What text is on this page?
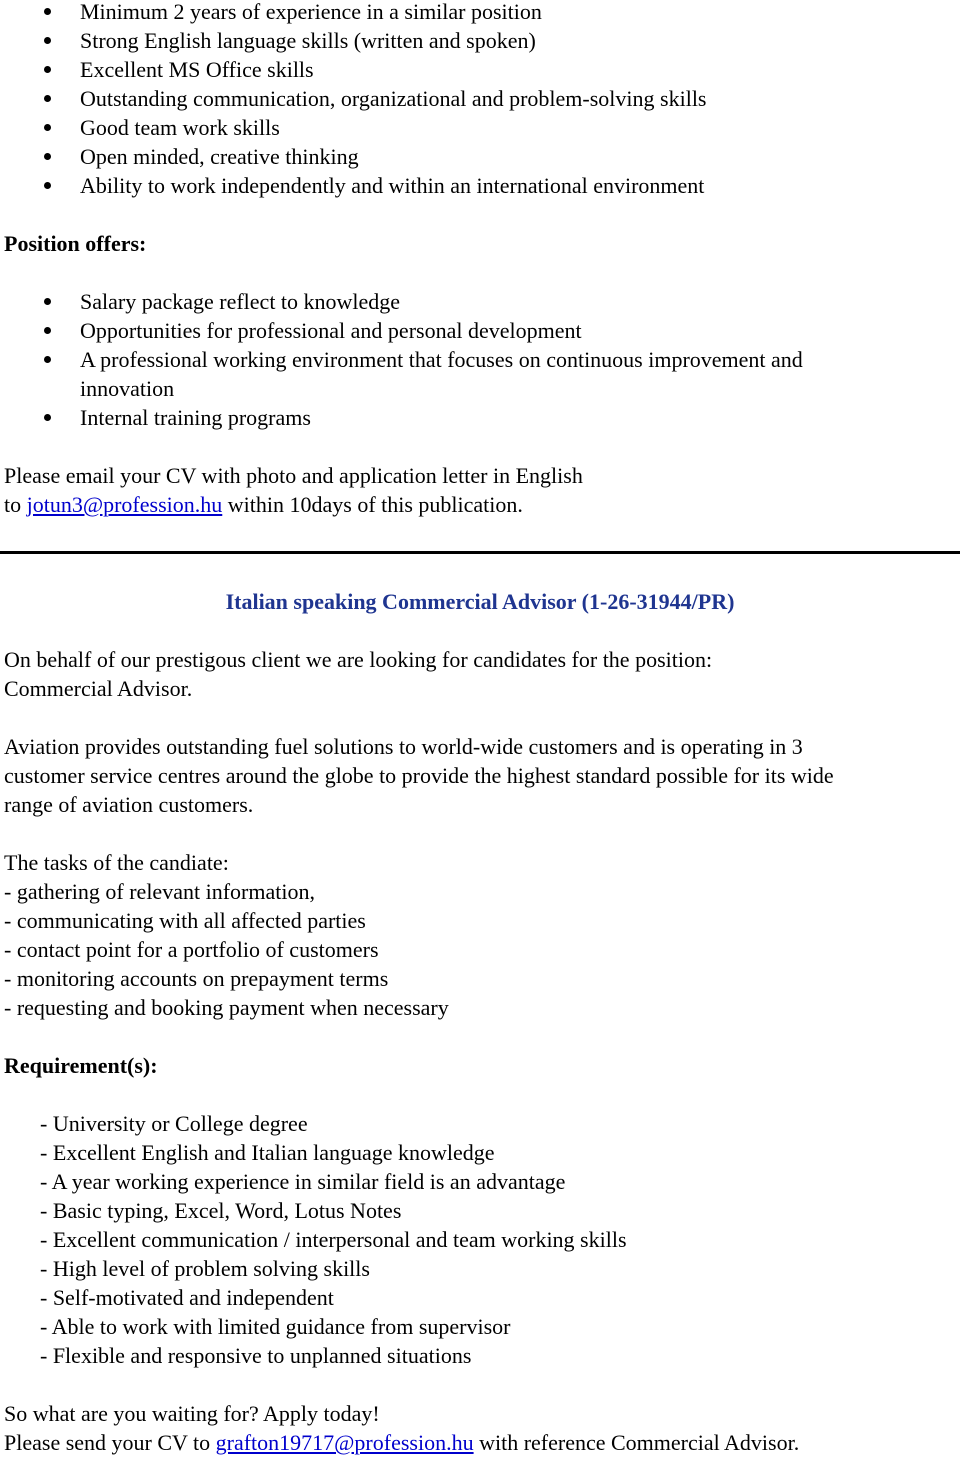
Minimum 2 years of experience in a similar position
Strong English language skills (written and spoken)
Excellent MS Office skills
Outstanding communication, organizational and problem-solving skills
Good team work skills
Open minded, creative thinking
Ability to work independently and within an international environment
Position offers:
Salary package reflect to knowledge
Opportunities for professional and personal development
A professional working environment that focuses on continuous improvement and
innovation
Internal training programs
Please email your CV with photo and application letter in English
to jotun3@profession.hu within 10days of this publication.
Italian speaking Commercial Advisor (1-26-31944/PR)
On behalf of our prestigous client we are looking for candidates for the position:
Commercial Advisor.
Aviation provides outstanding fuel solutions to world-wide customers and is operating in 3
customer service centres around the globe to provide the highest standard possible for its wide
range of aviation customers.
The tasks of the candiate:
- gathering of relevant information,
- communicating with all affected parties
- contact point for a portfolio of customers
- monitoring accounts on prepayment terms
- requesting and booking payment when necessary
Requirement(s):
- University or College degree
- Excellent English and Italian language knowledge
- A year working experience in similar field is an advantage
- Basic typing, Excel, Word, Lotus Notes
- Excellent communication / interpersonal and team working skills
- High level of problem solving skills
- Self-motivated and independent
- Able to work with limited guidance from supervisor
- Flexible and responsive to unplanned situations
So what are you waiting for? Apply today!
Please send your CV to grafton19717@profession.hu with reference Commercial Advisor.
